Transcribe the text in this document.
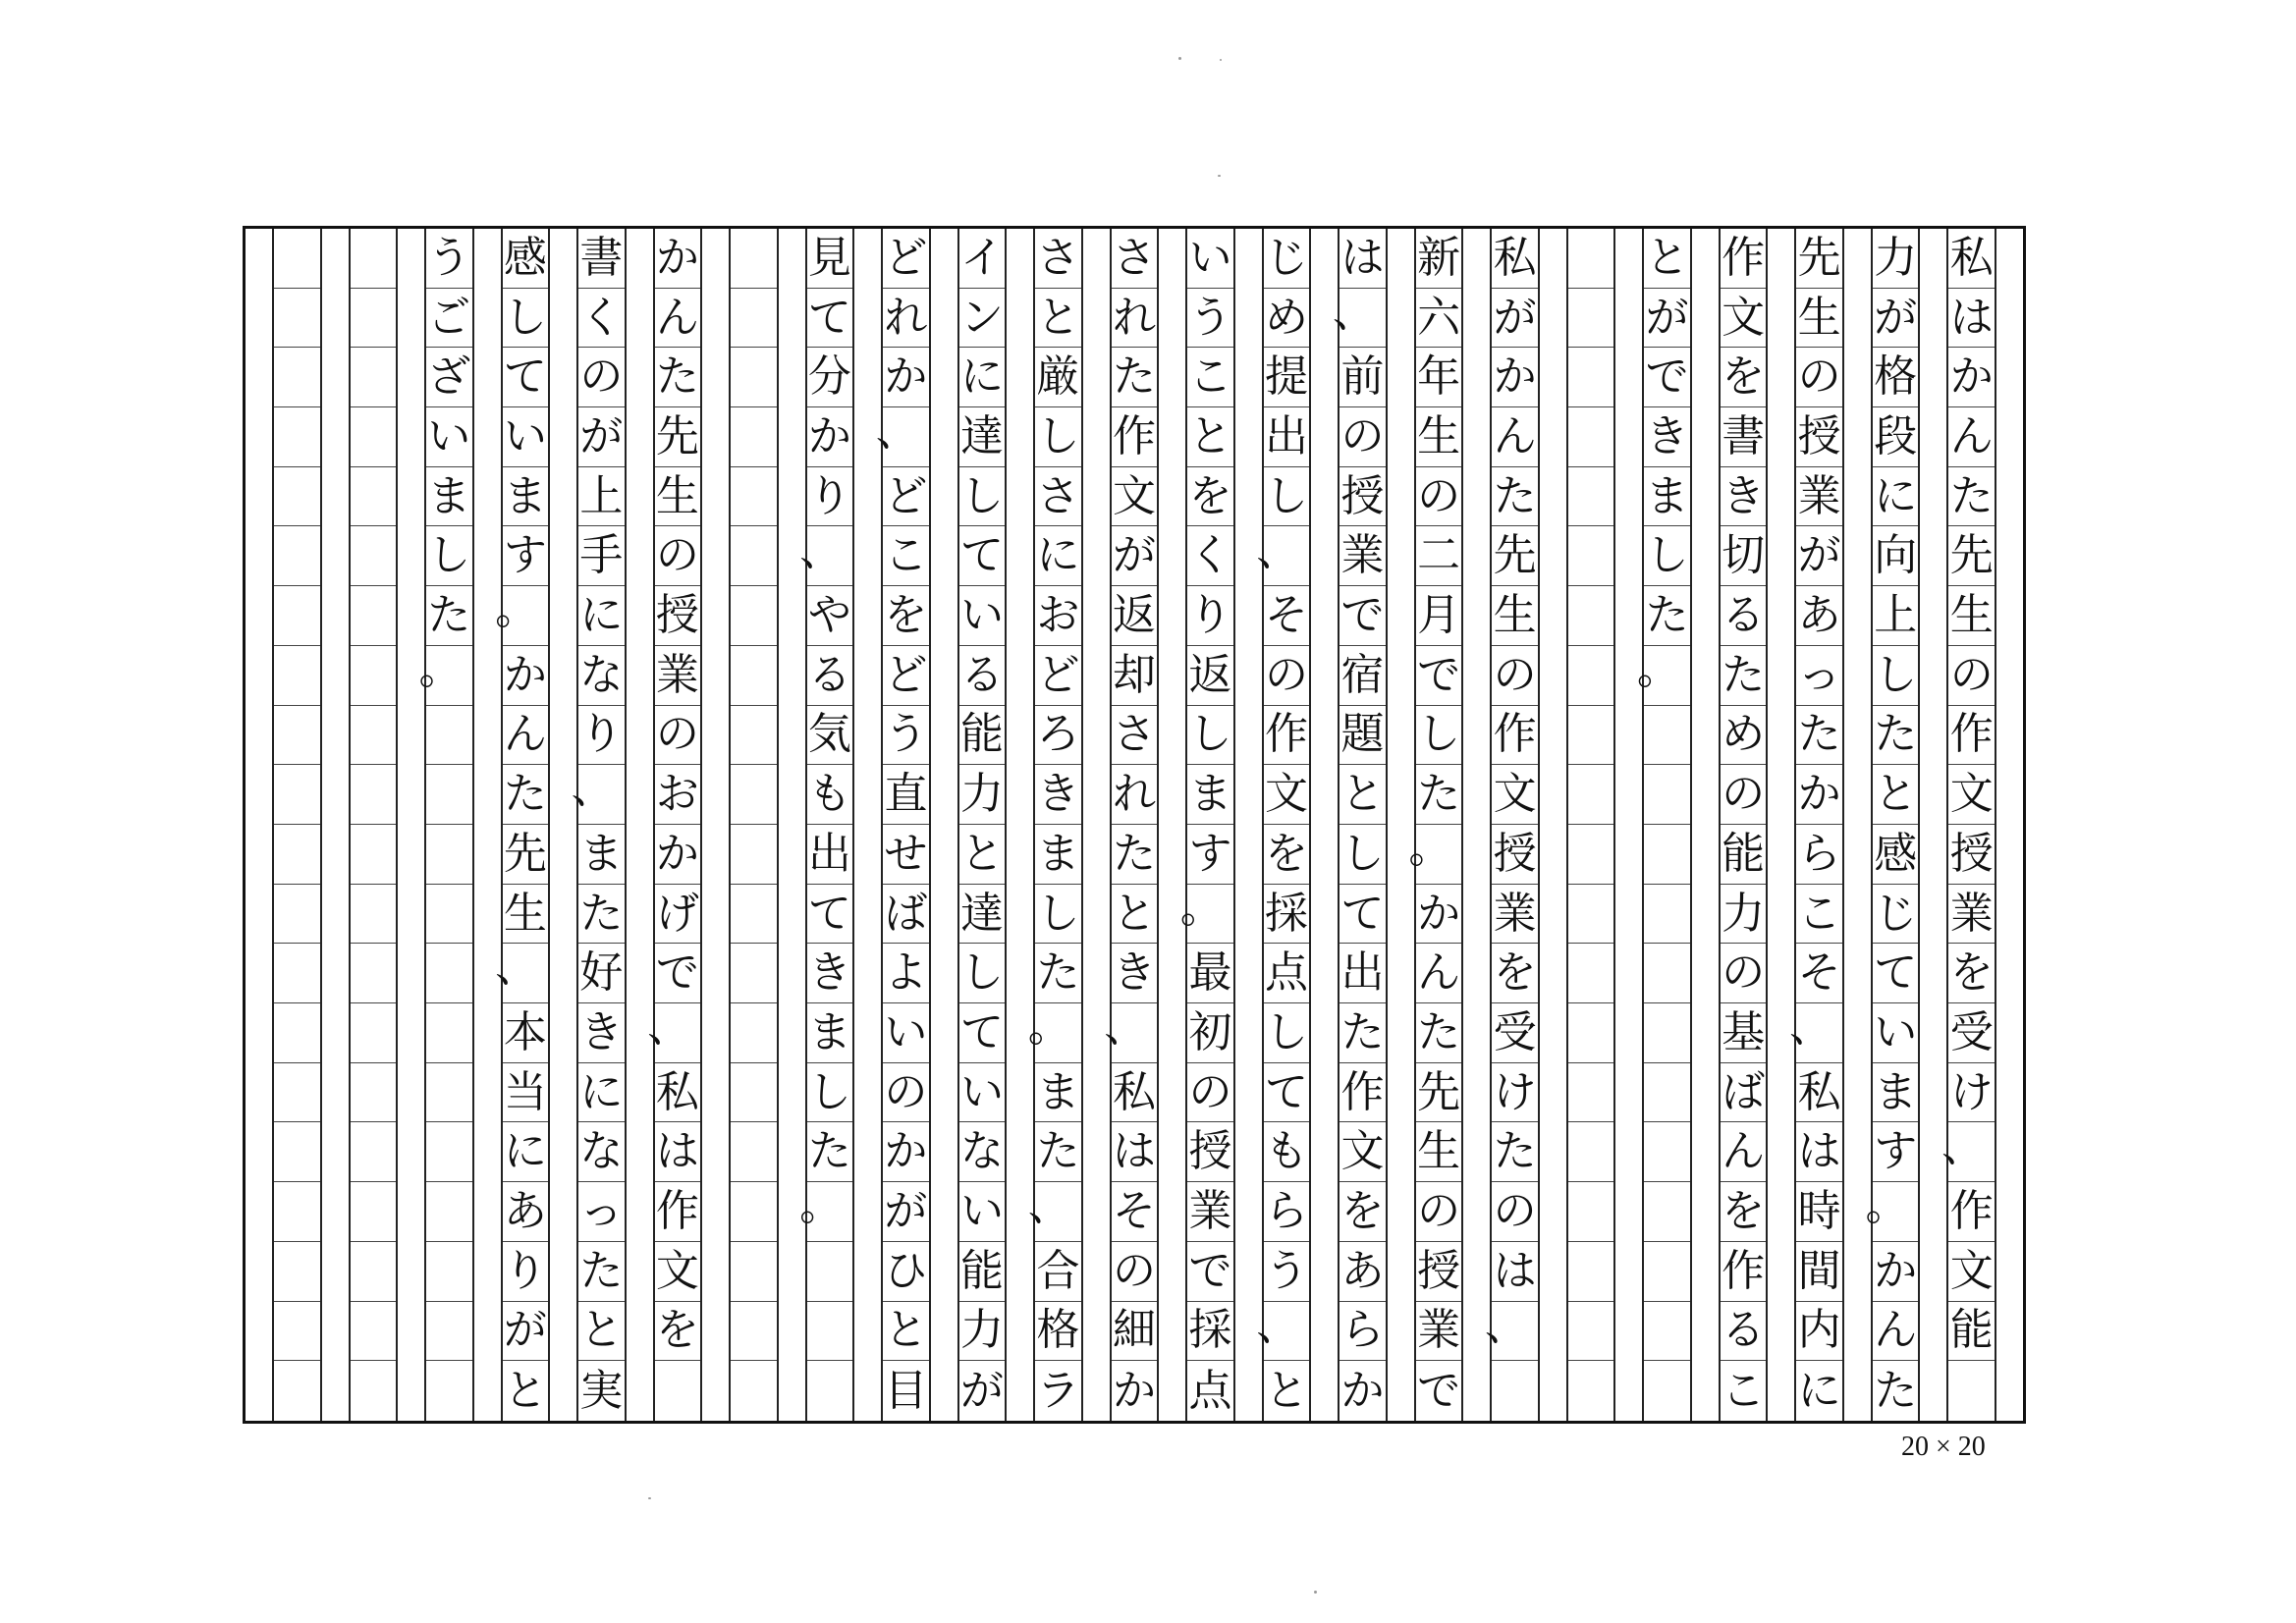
私
は
か
ん
た
先
生
の
作
文
授
業
を
受
け
、
作
文
能
力
が
格
段
に
向
上
し
た
と
感
じ
て
い
ま
す
。
か
ん
た
先
生
の
授
業
が
あ
っ
た
か
ら
こ
そ
、
私
は
時
間
内
に
作
文
を
書
き
切
る
た
め
の
能
力
の
基
ば
ん
を
作
る
こ
と
が
で
き
ま
し
た
。
私
が
か
ん
た
先
生
の
作
文
授
業
を
受
け
た
の
は
、
新
六
年
生
の
二
月
で
し
た
。
か
ん
た
先
生
の
授
業
で
は
、
前
の
授
業
で
宿
題
と
し
て
出
た
作
文
を
あ
ら
か
じ
め
提
出
し
、
そ
の
作
文
を
採
点
し
て
も
ら
う
、
と
い
う
こ
と
を
く
り
返
し
ま
す
。
最
初
の
授
業
で
採
点
さ
れ
た
作
文
が
返
却
さ
れ
た
と
き
、
私
は
そ
の
細
か
さ
と
厳
し
さ
に
お
ど
ろ
き
ま
し
た
。
ま
た
、
合
格
ラ
イ
ン
に
達
し
て
い
る
能
力
と
達
し
て
い
な
い
能
力
が
ど
れ
か
、
ど
こ
を
ど
う
直
せ
ば
よ
い
の
か
が
ひ
と
目
見
て
分
か
り
、
や
る
気
も
出
て
き
ま
し
た
。
か
ん
た
先
生
の
授
業
の
お
か
げ
で
、
私
は
作
文
を
書
く
の
が
上
手
に
な
り
、
ま
た
好
き
に
な
っ
た
と
実
感
し
て
い
ま
す
。
か
ん
た
先
生
、
本
当
に
あ
り
が
と
う
ご
ざ
い
ま
し
た
。
20 × 20
